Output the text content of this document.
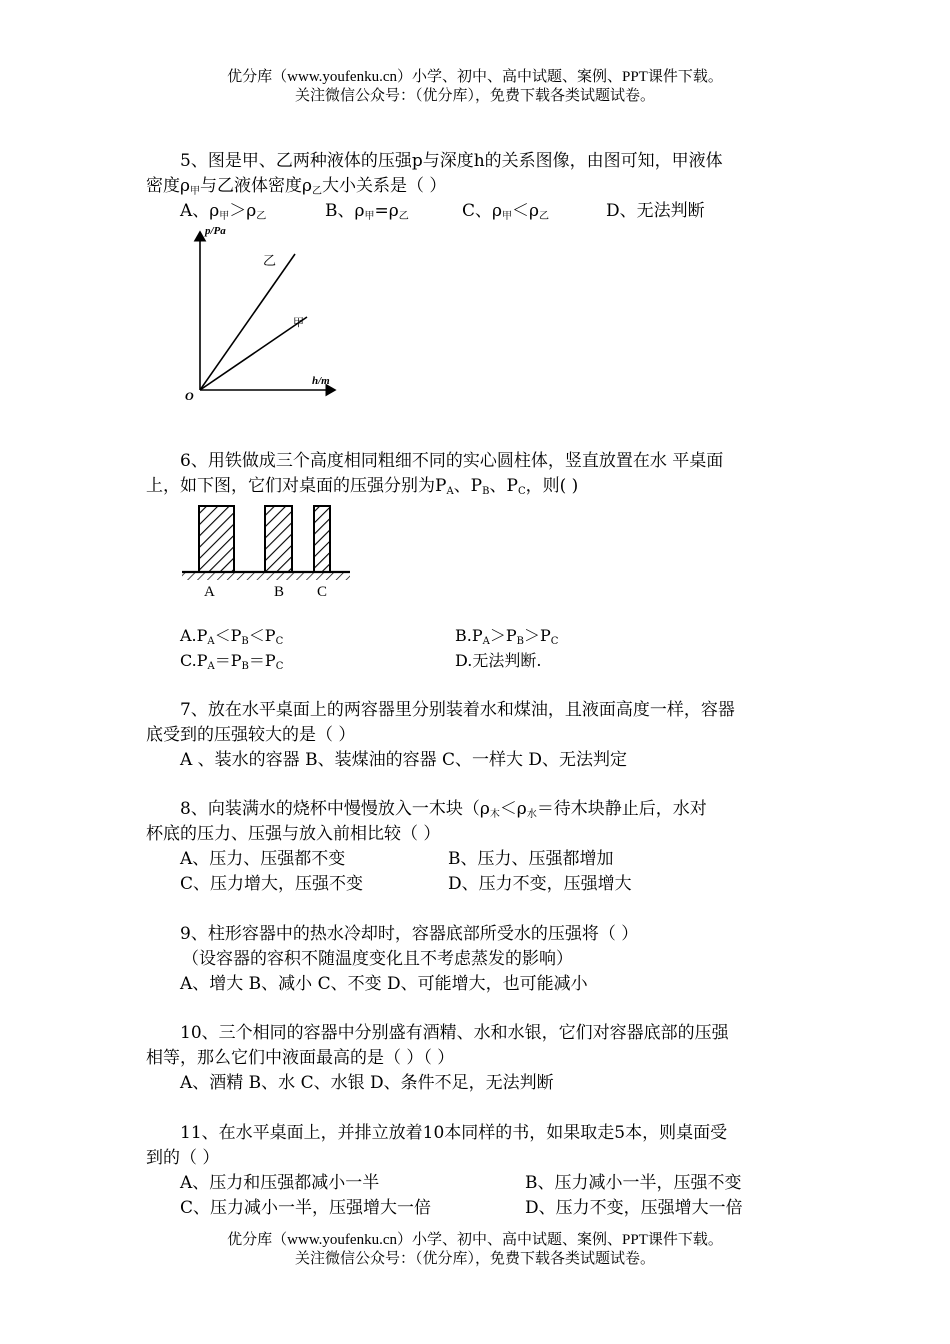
优分库（www.youfenku.cn）小学、初中、高中试题、案例、PPT课件下载。
关注微信公众号：（优分库），免费下载各类试题试卷。
5、图是甲、乙两种液体的压强p与深度h的关系图像，由图可知，甲液体
密度$\rho_甲$与乙液体密度$\rho_乙$大小关系是（ ）
A、$\rho_甲>\rho_乙$	B、$\rho_甲=\rho_乙$	C、$\rho_甲<\rho_乙$	D、无法判断
p/Pa
h/m
O
乙
甲
6、用铁做成三个高度相同粗细不同的实心圆柱体，竖直放置在水 平桌面
上，如下图，它们对桌面的压强分别为$P_A$、$P_B$、$P_C$，则( )
A	B C
$A.P_A<P_B<P_C$	$B.P_A>P_B>P_C$
$C.P_A=P_B=P_C$	D.无法判断.
7、放在水平桌面上的两容器里分别装着水和煤油，且液面高度一样，容器
底受到的压强较大的是（ ）
A 、装水的容器 B、装煤油的容器 C、一样大 D、无法判定
8、向装满水的烧杯中慢慢放入一木块（$\rho_木<\rho_水=$待木块静止后，水对
杯底的压力、压强与放入前相比较（ ）
A、压力、压强都不变	B、压力、压强都增加
C、压力增大，压强不变	D、压力不变，压强增大
9、柱形容器中的热水冷却时，容器底部所受水的压强将（ ）
（设容器的容积不随温度变化且不考虑蒸发的影响）
A、增大 B、减小 C、不变 D、可能增大，也可能减小
10、三个相同的容器中分别盛有酒精、水和水银，它们对容器底部的压强
相等，那么它们中液面最高的是（ ）（ ）
A、酒精 B、水 C、水银 D、条件不足，无法判断
11、在水平桌面上，并排立放着10本同样的书，如果取走5本，则桌面受
到的（ ）
A、压力和压强都减小一半	B、压力减小一半，压强不变
C、压力减小一半，压强增大一倍	D、压力不变，压强增大一倍
优分库（www.youfenku.cn）小学、初中、高中试题、案例、PPT课件下载。
关注微信公众号：（优分库），免费下载各类试题试卷。
